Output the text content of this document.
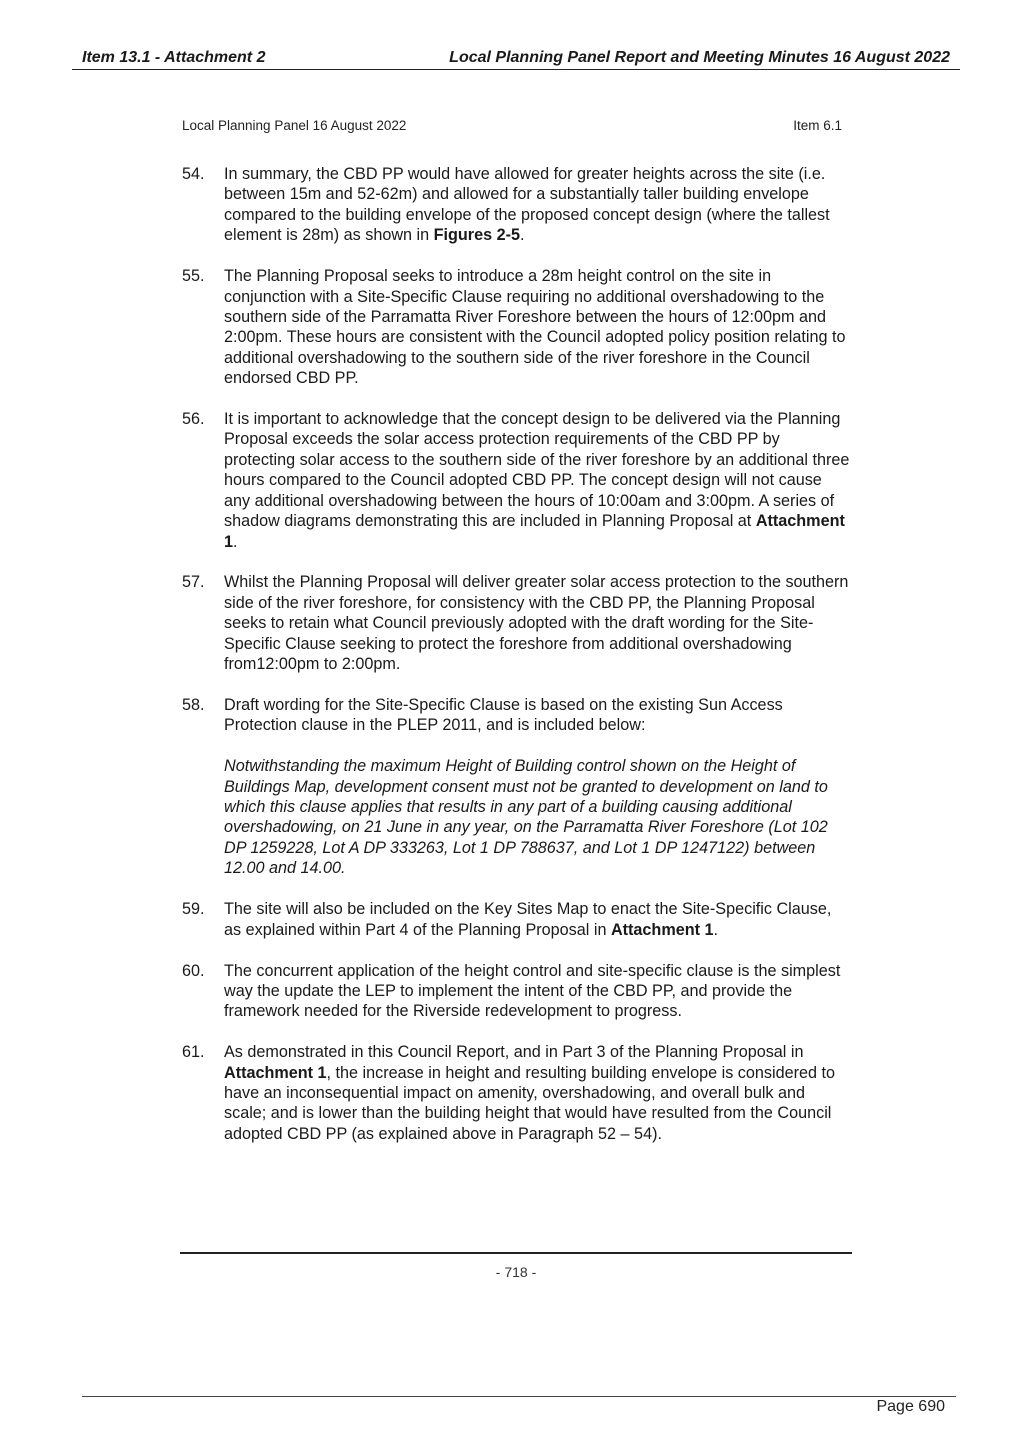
Item 13.1 - Attachment 2	Local Planning Panel Report and Meeting Minutes 16 August 2022
Local Planning Panel 16 August 2022	Item 6.1
54. In summary, the CBD PP would have allowed for greater heights across the site (i.e. between 15m and 52-62m) and allowed for a substantially taller building envelope compared to the building envelope of the proposed concept design (where the tallest element is 28m) as shown in Figures 2-5.
55. The Planning Proposal seeks to introduce a 28m height control on the site in conjunction with a Site-Specific Clause requiring no additional overshadowing to the southern side of the Parramatta River Foreshore between the hours of 12:00pm and 2:00pm. These hours are consistent with the Council adopted policy position relating to additional overshadowing to the southern side of the river foreshore in the Council endorsed CBD PP.
56. It is important to acknowledge that the concept design to be delivered via the Planning Proposal exceeds the solar access protection requirements of the CBD PP by protecting solar access to the southern side of the river foreshore by an additional three hours compared to the Council adopted CBD PP. The concept design will not cause any additional overshadowing between the hours of 10:00am and 3:00pm. A series of shadow diagrams demonstrating this are included in Planning Proposal at Attachment 1.
57. Whilst the Planning Proposal will deliver greater solar access protection to the southern side of the river foreshore, for consistency with the CBD PP, the Planning Proposal seeks to retain what Council previously adopted with the draft wording for the Site-Specific Clause seeking to protect the foreshore from additional overshadowing from12:00pm to 2:00pm.
58. Draft wording for the Site-Specific Clause is based on the existing Sun Access Protection clause in the PLEP 2011, and is included below:
Notwithstanding the maximum Height of Building control shown on the Height of Buildings Map, development consent must not be granted to development on land to which this clause applies that results in any part of a building causing additional overshadowing, on 21 June in any year, on the Parramatta River Foreshore (Lot 102 DP 1259228, Lot A DP 333263, Lot 1 DP 788637, and Lot 1 DP 1247122) between 12.00 and 14.00.
59. The site will also be included on the Key Sites Map to enact the Site-Specific Clause, as explained within Part 4 of the Planning Proposal in Attachment 1.
60. The concurrent application of the height control and site-specific clause is the simplest way the update the LEP to implement the intent of the CBD PP, and provide the framework needed for the Riverside redevelopment to progress.
61. As demonstrated in this Council Report, and in Part 3 of the Planning Proposal in Attachment 1, the increase in height and resulting building envelope is considered to have an inconsequential impact on amenity, overshadowing, and overall bulk and scale; and is lower than the building height that would have resulted from the Council adopted CBD PP (as explained above in Paragraph 52 – 54).
- 718 -
Page 690
